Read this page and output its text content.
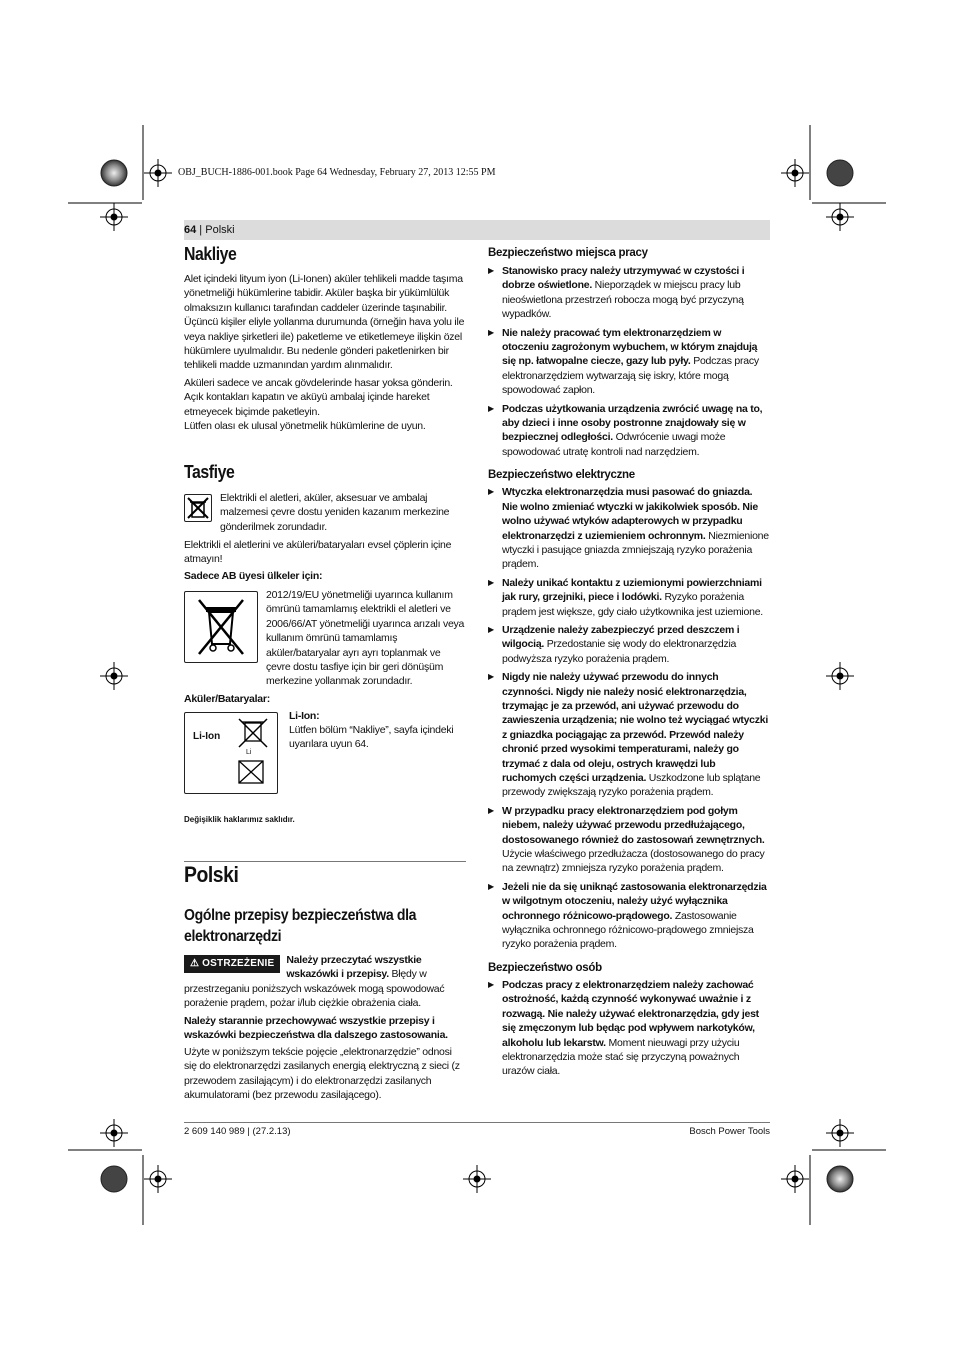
OBJ_BUCH-1886-001.book Page 64 Wednesday, February 27, 2013 12:55 PM
64 | Polski
Nakliye

Alet içindeki lityum iyon (Li-Ionen) aküler tehlikeli madde taşıma yönetmeliği hükümlerine tabidir. Aküler başka bir yükümlülük olmaksızın kullanıcı tarafından caddeler üzerinde taşınabilir.

Üçüncü kişiler eliyle yollanma durumunda (örneğin hava yolu ile veya nakliye şirketleri ile) paketleme ve etiketlemeye ilişkin özel hükümlere uyulmalıdır. Bu nedenle gönderi paketlenirken bir tehlikeli madde uzmanından yardım alınmalıdır.

Aküleri sadece ve ancak gövdelerinde hasar yoksa gönderin. Açık kontakları kapatın ve aküyü ambalaj içinde hareket etmeyecek biçimde paketleyin.

Lütfen olası ek ulusal yönetmelik hükümlerine de uyun.

Tasfiye
Elektrikli el aletleri, aküler, aksesuar ve ambalaj malzemesi çevre dostu yeniden kazanım merkezine gönderilmek zorundadır.
Elektrikli el aletlerini ve aküleri/bataryaları evsel çöplerin içine atmayın!
Sadece AB üyesi ülkeler için:
2012/19/EU yönetmeliği uyarınca kullanım ömrünü tamamlamış elektrikli el aletleri ve 2006/66/AT yönetmeliği uyarınca arızalı veya kullanım ömrünü tamamlamış aküler/bataryalar ayrı ayrı toplanmak ve çevre dostu tasfiye için bir geri dönüşüm merkezine yollanmak zorundadır.
Aküler/Bataryalar:
Li-Ion
Li
Li-Ion:
Lütfen bölüm “Nakliye”, sayfa içindeki uyarılara uyun 64.
Değişiklik haklarımız saklıdır.
Polski
Ogólne przepisy bezpieczeństwa dla elektronarzędzi
⚠ OSTRZEŻENIE	Należy przeczytać wszystkie wskazówki i przepisy. Błędy w przestrzeganiu poniższych wskazówek mogą spowodować porażenie prądem, pożar i/lub ciężkie obrażenia ciała.
Należy starannie przechowywać wszystkie przepisy i wskazówki bezpieczeństwa dla dalszego zastosowania.
Użyte w poniższym tekście pojęcie „elektronarzędzie” odnosi się do elektronarzędzi zasilanych energią elektryczną z sieci (z przewodem zasilającym) i do elektronarzędzi zasilanych akumulatorami (bez przewodu zasilającego).
Bezpieczeństwo miejsca pracy
▶ Stanowisko pracy należy utrzymywać w czystości i dobrze oświetlone. Nieporządek w miejscu pracy lub nieoświetlona przestrzeń robocza mogą być przyczyną wypadków.
▶ Nie należy pracować tym elektronarzędziem w otoczeniu zagrożonym wybuchem, w którym znajdują się np. łatwopalne ciecze, gazy lub pyły. Podczas pracy elektronarzędziem wytwarzają się iskry, które mogą spowodować zapłon.
▶ Podczas użytkowania urządzenia zwrócić uwagę na to, aby dzieci i inne osoby postronne znajdowały się w bezpiecznej odległości. Odwrócenie uwagi może spowodować utratę kontroli nad narzędziem.
Bezpieczeństwo elektryczne
▶ Wtyczka elektronarzędzia musi pasować do gniazda. Nie wolno zmieniać wtyczki w jakikolwiek sposób. Nie wolno używać wtyków adapterowych w przypadku elektronarzędzi z uziemieniem ochronnym. Niezmienione wtyczki i pasujące gniazda zmniejszają ryzyko porażenia prądem.
▶ Należy unikać kontaktu z uziemionymi powierzchniami jak rury, grzejniki, piece i lodówki. Ryzyko porażenia prądem jest większe, gdy ciało użytkownika jest uziemione.
▶ Urządzenie należy zabezpieczyć przed deszczem i wilgocią. Przedostanie się wody do elektronarzędzia podwyższa ryzyko porażenia prądem.
▶ Nigdy nie należy używać przewodu do innych czynności. Nigdy nie należy nosić elektronarzędzia, trzymając je za przewód, ani używać przewodu do zawieszenia urządzenia; nie wolno też wyciągać wtyczki z gniazdka pociągając za przewód. Przewód należy chronić przed wysokimi temperaturami, należy go trzymać z dala od oleju, ostrych krawędzi lub ruchomych części urządzenia. Uszkodzone lub splątane przewody zwiększają ryzyko porażenia prądem.
▶ W przypadku pracy elektronarzędziem pod gołym niebem, należy używać przewodu przedłużającego, dostosowanego również do zastosowań zewnętrznych. Użycie właściwego przedłużacza (dostosowanego do pracy na zewnątrz) zmniejsza ryzyko porażenia prądem.
▶ Jeżeli nie da się uniknąć zastosowania elektronarzędzia w wilgotnym otoczeniu, należy użyć wyłącznika ochronnego różnicowo-prądowego. Zastosowanie wyłącznika ochronnego różnicowo-prądowego zmniejsza ryzyko porażenia prądem.
Bezpieczeństwo osób
▶ Podczas pracy z elektronarzędziem należy zachować ostrożność, każdą czynność wykonywać uważnie i z rozwagą. Nie należy używać elektronarzędzia, gdy jest się zmęczonym lub będąc pod wpływem narkotyków, alkoholu lub lekarstw. Moment nieuwagi przy użyciu elektronarzędzia może stać się przyczyną poważnych urazów ciała.
2 609 140 989 | (27.2.13)	Bosch Power Tools
